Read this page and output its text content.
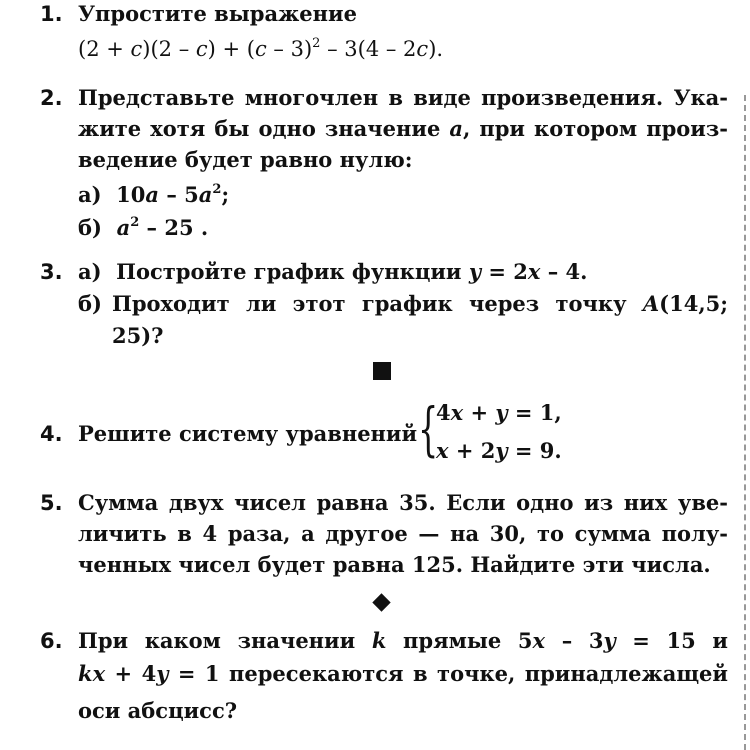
1. Упростите выражение
(2 + c)(2 – c) + (c – 3)$^2$ – 3(4 – 2c).
2. Представьте многочлен в виде произведения. Ука-
жите хотя бы одно значение a, при котором произ-
ведение будет равно нулю:
а) $10a - 5a^2$;
б) $a^2 - 25$ .
3. а) Постройте график функции y = 2x – 4.
б) Проходит ли этот график через точку A(14,5;
25)?
4. Решите систему уравнений {
4x + y = 1,
x + 2y = 9.
5. Сумма двух чисел равна 35. Если одно из них уве-
личить в 4 раза, а другое — на 30, то сумма полу-
ченных чисел будет равна 125. Найдите эти числа.
6. При каком значении k прямые 5x – 3y = 15 и
kx + 4y = 1 пересекаются в точке, принадлежащей
оси абсцисс?
